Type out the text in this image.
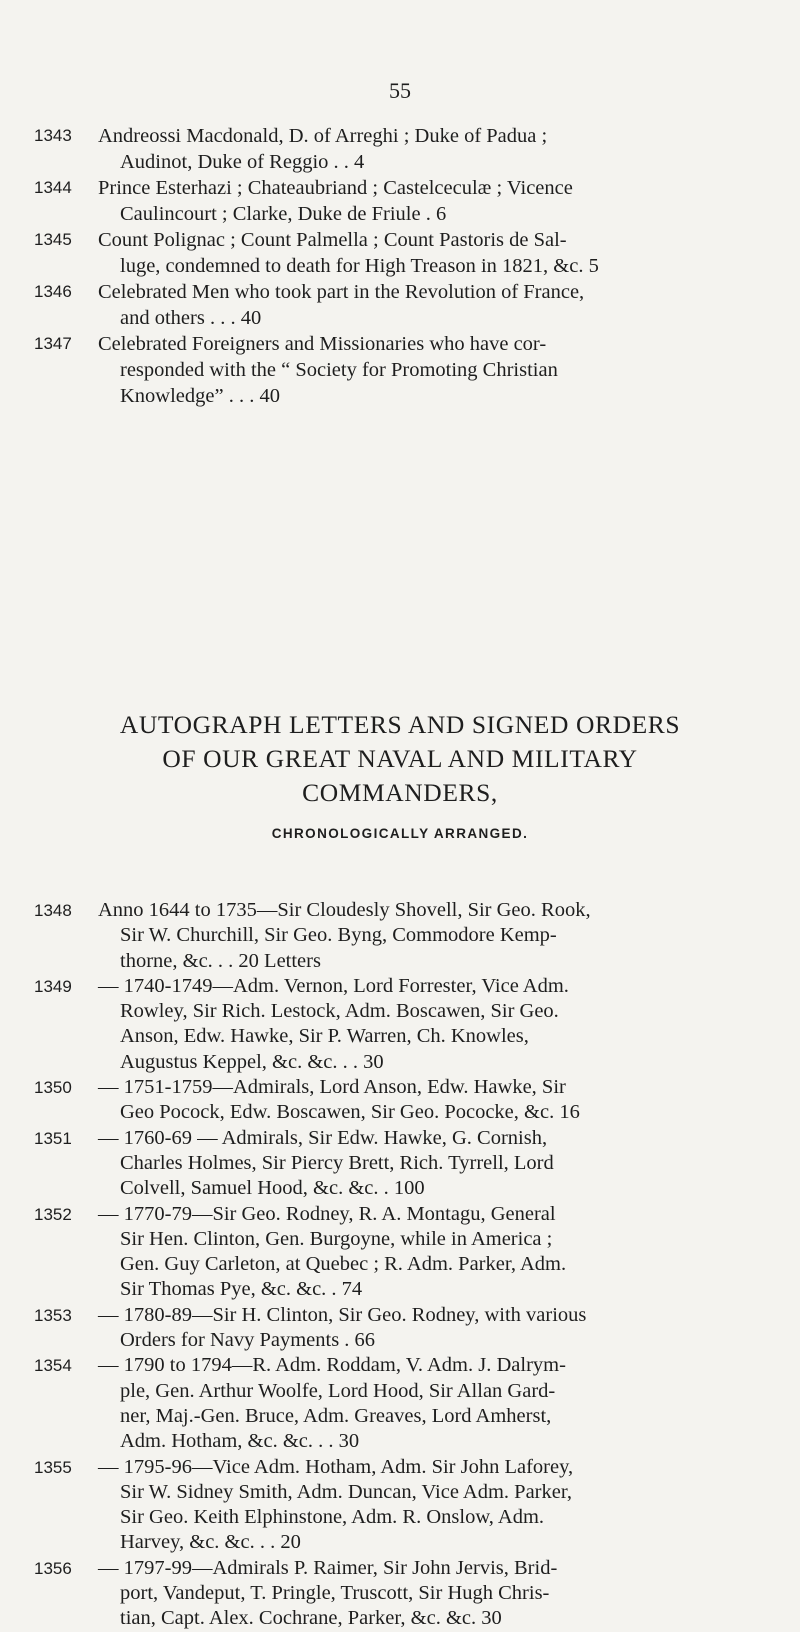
55
1343	Andreossi Macdonald, D. of Arreghi ; Duke of Padua ;
Audinot, Duke of Reggio . . 4
1344	Prince Esterhazi ; Chateaubriand ; Castelceculæ ; Vicence
Caulincourt ; Clarke, Duke de Friule . 6
1345	Count Polignac ; Count Palmella ; Count Pastoris de Sal-
luge, condemned to death for High Treason in 1821, &c. 5
1346	Celebrated Men who took part in the Revolution of France,
and others . . . 40
1347	Celebrated Foreigners and Missionaries who have cor-
responded with the “ Society for Promoting Christian
Knowledge” . . . 40
AUTOGRAPH LETTERS AND SIGNED ORDERS
OF OUR GREAT NAVAL AND MILITARY
COMMANDERS,
CHRONOLOGICALLY ARRANGED.
1348	Anno 1644 to 1735—Sir Cloudesly Shovell, Sir Geo. Rook,
Sir W. Churchill, Sir Geo. Byng, Commodore Kemp-
thorne, &c. . . 20 Letters
1349	— 1740-1749—Adm. Vernon, Lord Forrester, Vice Adm.
Rowley, Sir Rich. Lestock, Adm. Boscawen, Sir Geo.
Anson, Edw. Hawke, Sir P. Warren, Ch. Knowles,
Augustus Keppel, &c. &c. . . 30
1350	— 1751-1759—Admirals, Lord Anson, Edw. Hawke, Sir
Geo Pocock, Edw. Boscawen, Sir Geo. Pococke, &c. 16
1351	— 1760-69 — Admirals, Sir Edw. Hawke, G. Cornish,
Charles Holmes, Sir Piercy Brett, Rich. Tyrrell, Lord
Colvell, Samuel Hood, &c. &c. . 100
1352	— 1770-79—Sir Geo. Rodney, R. A. Montagu, General
Sir Hen. Clinton, Gen. Burgoyne, while in America ;
Gen. Guy Carleton, at Quebec ; R. Adm. Parker, Adm.
Sir Thomas Pye, &c. &c. . 74
1353	— 1780-89—Sir H. Clinton, Sir Geo. Rodney, with various
Orders for Navy Payments . 66
1354	— 1790 to 1794—R. Adm. Roddam, V. Adm. J. Dalrym-
ple, Gen. Arthur Woolfe, Lord Hood, Sir Allan Gard-
ner, Maj.-Gen. Bruce, Adm. Greaves, Lord Amherst,
Adm. Hotham, &c. &c. . . 30
1355	— 1795-96—Vice Adm. Hotham, Adm. Sir John Laforey,
Sir W. Sidney Smith, Adm. Duncan, Vice Adm. Parker,
Sir Geo. Keith Elphinstone, Adm. R. Onslow, Adm.
Harvey, &c. &c. . . 20
1356	— 1797-99—Admirals P. Raimer, Sir John Jervis, Brid-
port, Vandeput, T. Pringle, Truscott, Sir Hugh Chris-
tian, Capt. Alex. Cochrane, Parker, &c. &c. 30
